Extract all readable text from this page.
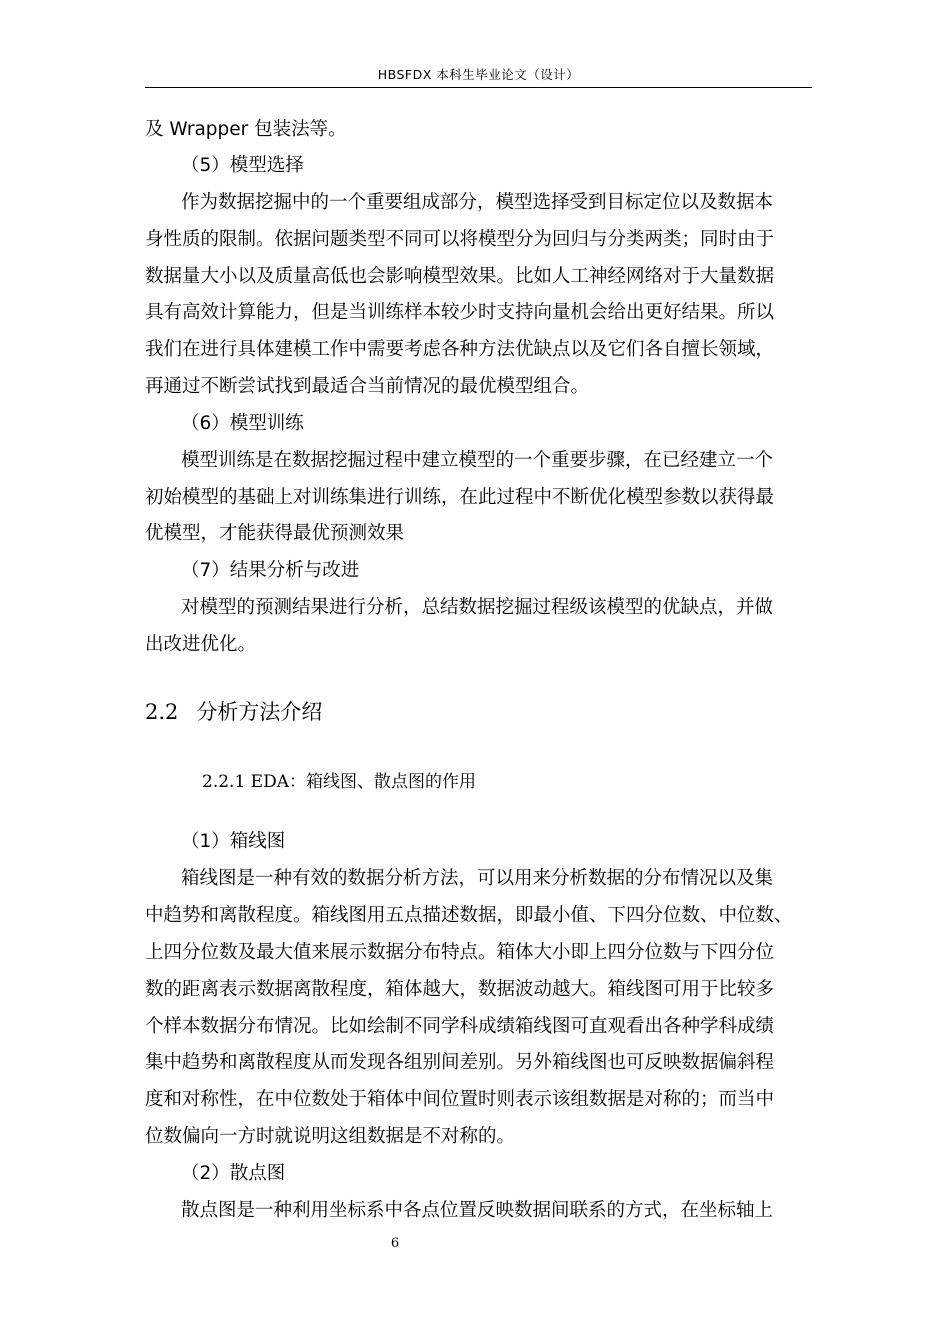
HBSFDX 本科生毕业论文（设计）
及 Wrapper 包装法等。
（5）模型选择
作为数据挖掘中的一个重要组成部分，模型选择受到目标定位以及数据本
身性质的限制。依据问题类型不同可以将模型分为回归与分类两类；同时由于
数据量大小以及质量高低也会影响模型效果。比如人工神经网络对于大量数据
具有高效计算能力，但是当训练样本较少时支持向量机会给出更好结果。所以
我们在进行具体建模工作中需要考虑各种方法优缺点以及它们各自擅长领域，
再通过不断尝试找到最适合当前情况的最优模型组合。
（6）模型训练
模型训练是在数据挖掘过程中建立模型的一个重要步骤，在已经建立一个
初始模型的基础上对训练集进行训练，在此过程中不断优化模型参数以获得最
优模型，才能获得最优预测效果
（7）结果分析与改进
对模型的预测结果进行分析，总结数据挖掘过程级该模型的优缺点，并做
出改进优化。
2.2 分析方法介绍
2.2.1 EDA：箱线图、散点图的作用
（1）箱线图
箱线图是一种有效的数据分析方法，可以用来分析数据的分布情况以及集
中趋势和离散程度。箱线图用五点描述数据，即最小值、下四分位数、中位数、
上四分位数及最大值来展示数据分布特点。箱体大小即上四分位数与下四分位
数的距离表示数据离散程度，箱体越大，数据波动越大。箱线图可用于比较多
个样本数据分布情况。比如绘制不同学科成绩箱线图可直观看出各种学科成绩
集中趋势和离散程度从而发现各组别间差别。另外箱线图也可反映数据偏斜程
度和对称性，在中位数处于箱体中间位置时则表示该组数据是对称的；而当中
位数偏向一方时就说明这组数据是不对称的。
（2）散点图
散点图是一种利用坐标系中各点位置反映数据间联系的方式，在坐标轴上
6
